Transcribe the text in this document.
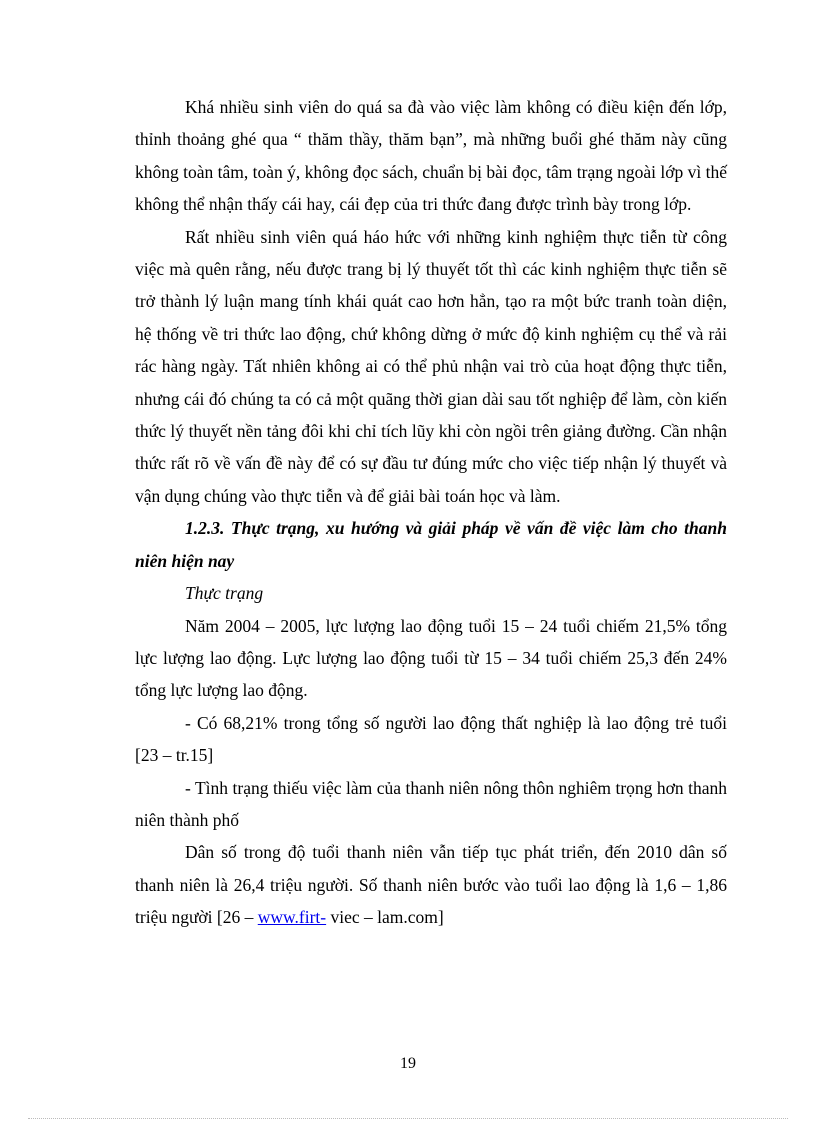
Khá nhiều sinh viên do quá sa đà vào việc làm không có điều kiện đến lớp, thỉnh thoảng ghé qua “ thăm thầy, thăm bạn”, mà những buổi ghé thăm này cũng không toàn tâm, toàn ý, không đọc sách, chuẩn bị bài đọc, tâm trạng ngoài lớp vì thế không thể nhận thấy cái hay, cái đẹp của tri thức đang được trình bày trong lớp.

Rất nhiều sinh viên quá háo hức với những kinh nghiệm thực tiễn từ công việc mà quên rằng, nếu được trang bị lý thuyết tốt thì các kinh nghiệm thực tiễn sẽ trở thành lý luận mang tính khái quát cao hơn hẳn, tạo ra một bức tranh toàn diện, hệ thống về tri thức lao động, chứ không dừng ở mức độ kinh nghiệm cụ thể và rải rác hàng ngày. Tất nhiên không ai có thể phủ nhận vai trò của hoạt động thực tiễn, nhưng cái đó chúng ta có cả một quãng thời gian dài sau tốt nghiệp để làm, còn kiến thức lý thuyết nền tảng đôi khi chỉ tích lũy khi còn ngồi trên giảng đường. Cần nhận thức rất rõ về vấn đề này để có sự đầu tư đúng mức cho việc tiếp nhận lý thuyết và vận dụng chúng vào thực tiễn và để giải bài toán học và làm.

1.2.3. Thực trạng, xu hướng và giải pháp về vấn đề việc làm cho thanh niên hiện nay

Thực trạng

Năm 2004 – 2005, lực lượng lao động tuổi 15 – 24 tuổi chiếm 21,5% tổng lực lượng lao động. Lực lượng lao động tuổi từ 15 – 34 tuổi chiếm 25,3 đến 24% tổng lực lượng lao động.

- Có 68,21% trong tổng số người lao động thất nghiệp là lao động trẻ tuổi [23 – tr.15]

- Tình trạng thiếu việc làm của thanh niên nông thôn nghiêm trọng hơn thanh niên thành phố

Dân số trong độ tuổi thanh niên vẫn tiếp tục phát triển, đến 2010 dân số thanh niên là 26,4 triệu người. Số thanh niên bước vào tuổi lao động là 1,6 – 1,86 triệu người [26 – www.firt- viec – lam.com]

19
